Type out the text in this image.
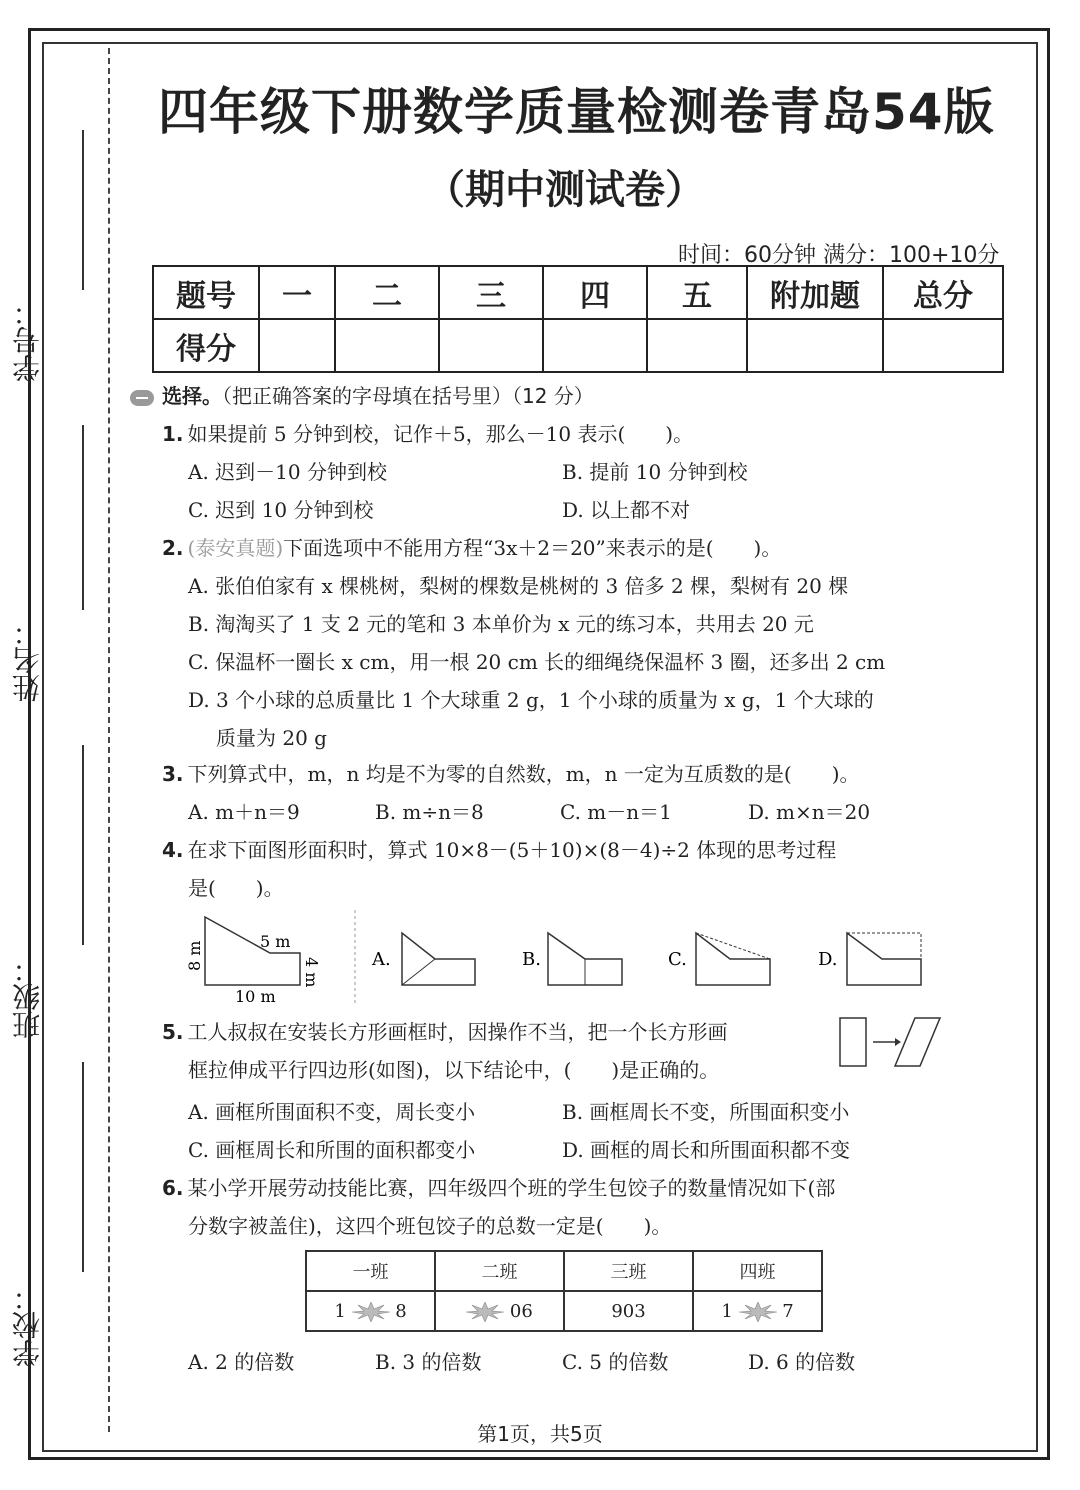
学号：
姓名：
班级：
学校：
四年级下册数学质量检测卷青岛54版
（期中测试卷）
时间：60分钟 满分：100+10分
题号	一	二	三	四	五	附加题	总分
得分							
选择。（把正确答案的字母填在括号里）（12 分）
1. 如果提前 5 分钟到校，记作＋5，那么－10 表示(　　)。
A. 迟到－10 分钟到校	B. 提前 10 分钟到校
C. 迟到 10 分钟到校	D. 以上都不对
2. (泰安真题)下面选项中不能用方程“3x＋2＝20”来表示的是(　　)。
A. 张伯伯家有 x 棵桃树，梨树的棵数是桃树的 3 倍多 2 棵，梨树有 20 棵
B. 淘淘买了 1 支 2 元的笔和 3 本单价为 x 元的练习本，共用去 20 元
C. 保温杯一圈长 x cm，用一根 20 cm 长的细绳绕保温杯 3 圈，还多出 2 cm
D. 3 个小球的总质量比 1 个大球重 2 g，1 个小球的质量为 x g，1 个大球的
质量为 20 g
3. 下列算式中，m，n 均是不为零的自然数，m，n 一定为互质数的是(　　)。
A. m＋n＝9	B. m÷n＝8	C. m－n＝1	D. m×n＝20
4. 在求下面图形面积时，算式 10×8－(5＋10)×(8－4)÷2 体现的思考过程
是(　　)。
5 m
8 m
4 m
10 m
A.	B.	C.	D.
5. 工人叔叔在安装长方形画框时，因操作不当，把一个长方形画
框拉伸成平行四边形(如图)，以下结论中，(　　)是正确的。
A. 画框所围面积不变，周长变小	B. 画框周长不变，所围面积变小
C. 画框周长和所围的面积都变小	D. 画框的周长和所围面积都不变
6. 某小学开展劳动技能比赛，四年级四个班的学生包饺子的数量情况如下(部
分数字被盖住)，这四个班包饺子的总数一定是(　　)。
一班	二班	三班	四班
1 8	06	903	1 7
A. 2 的倍数	B. 3 的倍数	C. 5 的倍数	D. 6 的倍数
第1页，共5页
